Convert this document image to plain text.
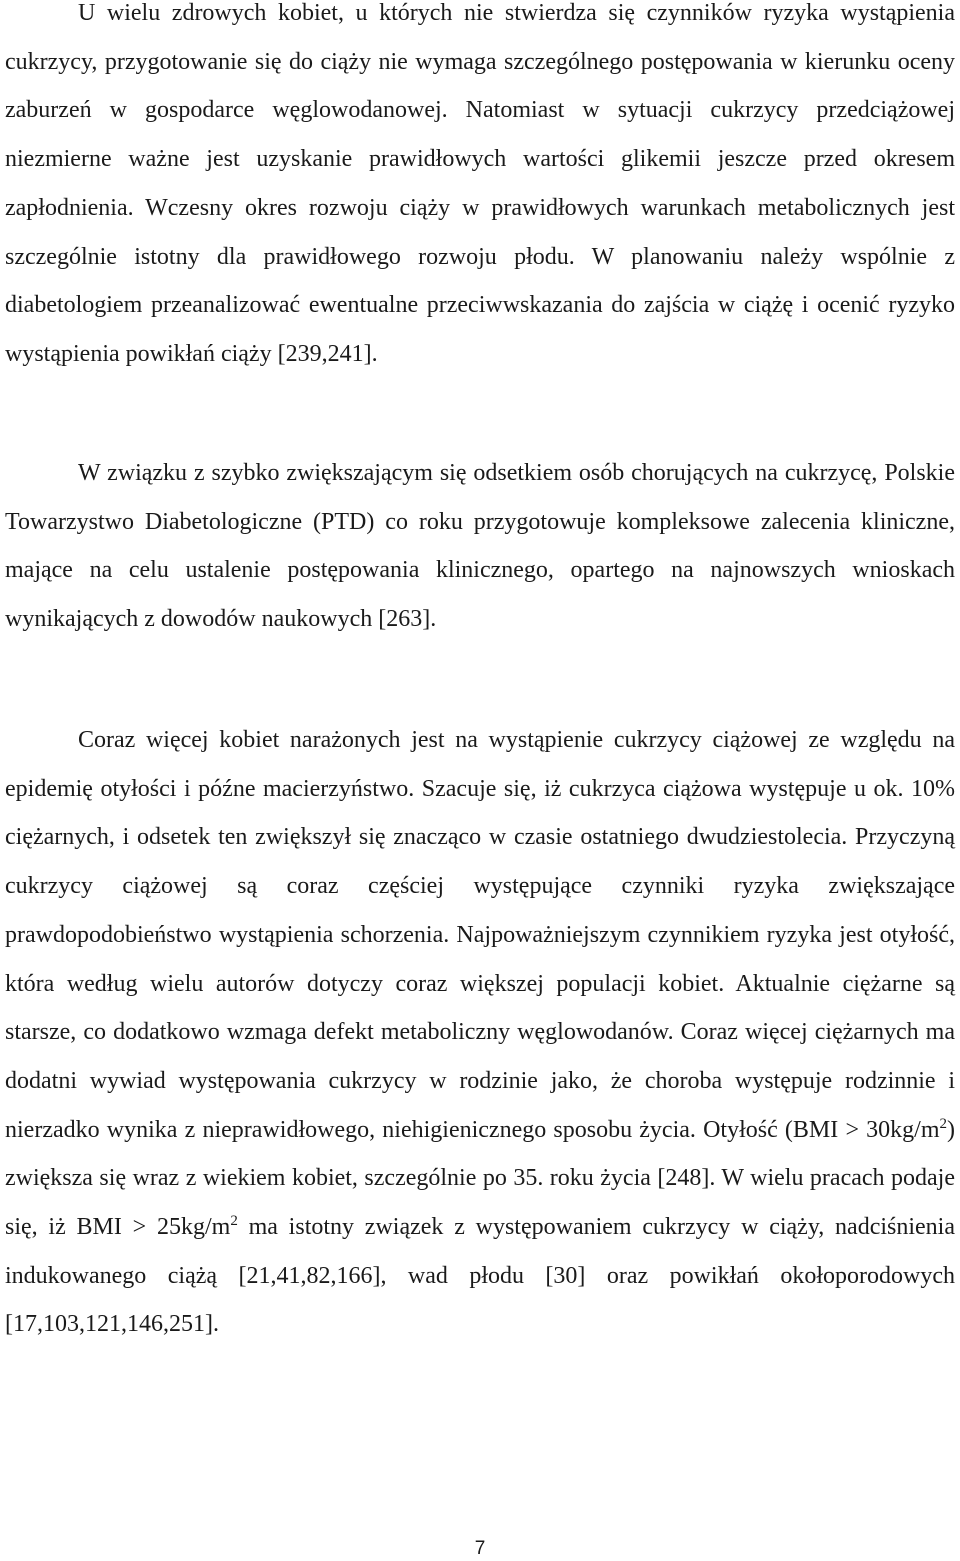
U wielu zdrowych kobiet, u których nie stwierdza się czynników ryzyka wystąpienia cukrzycy, przygotowanie się do ciąży nie wymaga szczególnego postępowania w kierunku oceny zaburzeń w gospodarce węglowodanowej. Natomiast w sytuacji cukrzycy przedciążowej niezmierne ważne jest uzyskanie prawidłowych wartości glikemii jeszcze przed okresem zapłodnienia. Wczesny okres rozwoju ciąży w prawidłowych warunkach metabolicznych jest szczególnie istotny dla prawidłowego rozwoju płodu. W planowaniu należy wspólnie z diabetologiem przeanalizować ewentualne przeciwwskazania do zajścia w ciążę i ocenić ryzyko wystąpienia powikłań ciąży [239,241].

W związku z szybko zwiększającym się odsetkiem osób chorujących na cukrzycę, Polskie Towarzystwo Diabetologiczne (PTD) co roku przygotowuje kompleksowe zalecenia kliniczne, mające na celu ustalenie postępowania klinicznego, opartego na najnowszych wnioskach wynikających z dowodów naukowych [263].

Coraz więcej kobiet narażonych jest na wystąpienie cukrzycy ciążowej ze względu na epidemię otyłości i późne macierzyństwo. Szacuje się, iż cukrzyca ciążowa występuje u ok. 10% ciężarnych, i odsetek ten zwiększył się znacząco w czasie ostatniego dwudziestolecia. Przyczyną cukrzycy ciążowej są coraz częściej występujące czynniki ryzyka zwiększające prawdopodobieństwo wystąpienia schorzenia. Najpoważniejszym czynnikiem ryzyka jest otyłość, która według wielu autorów dotyczy coraz większej populacji kobiet. Aktualnie ciężarne są starsze, co dodatkowo wzmaga defekt metaboliczny węglowodanów. Coraz więcej ciężarnych ma dodatni wywiad występowania cukrzycy w rodzinie jako, że choroba występuje rodzinnie i nierzadko wynika z nieprawidłowego, niehigienicznego sposobu życia. Otyłość $(BMI > 30kg/m^2)$ zwiększa się wraz z wiekiem kobiet, szczególnie po 35. roku życia [248]. W wielu pracach podaje się, iż BMI > $25kg/m^2$ ma istotny związek z występowaniem cukrzycy w ciąży, nadciśnienia indukowanego ciążą [21,41,82,166], wad płodu [30] oraz powikłań okołoporodowych [17,103,121,146,251].

7
